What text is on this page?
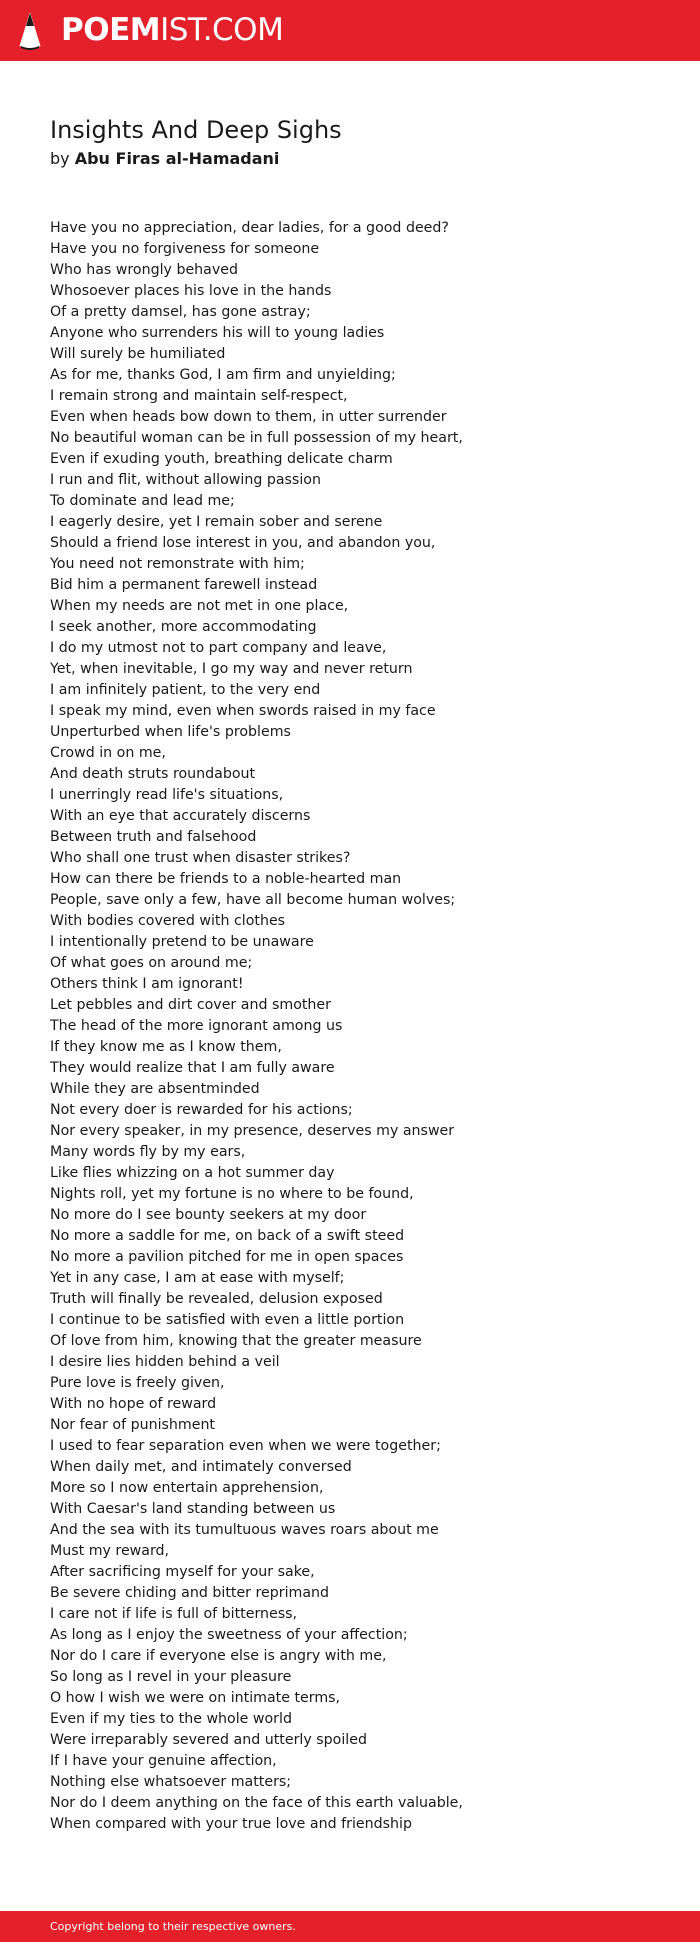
POEMIST.COM
Insights And Deep Sighs
by Abu Firas al-Hamadani
Have you no appreciation, dear ladies, for a good deed?
Have you no forgiveness for someone
Who has wrongly behaved
Whosoever places his love in the hands
Of a pretty damsel, has gone astray;
Anyone who surrenders his will to young ladies
Will surely be humiliated
As for me, thanks God, I am firm and unyielding;
I remain strong and maintain self-respect,
Even when heads bow down to them, in utter surrender
No beautiful woman can be in full possession of my heart,
Even if exuding youth, breathing delicate charm
I run and flit, without allowing passion
To dominate and lead me;
I eagerly desire, yet I remain sober and serene
Should a friend lose interest in you, and abandon you,
You need not remonstrate with him;
Bid him a permanent farewell instead
When my needs are not met in one place,
I seek another, more accommodating
I do my utmost not to part company and leave,
Yet, when inevitable, I go my way and never return
I am infinitely patient, to the very end
I speak my mind, even when swords raised in my face
Unperturbed when life's problems
Crowd in on me,
And death struts roundabout
I unerringly read life's situations,
With an eye that accurately discerns
Between truth and falsehood
Who shall one trust when disaster strikes?
How can there be friends to a noble-hearted man
People, save only a few, have all become human wolves;
With bodies covered with clothes
I intentionally pretend to be unaware
Of what goes on around me;
Others think I am ignorant!
Let pebbles and dirt cover and smother
The head of the more ignorant among us
If they know me as I know them,
They would realize that I am fully aware
While they are absentminded
Not every doer is rewarded for his actions;
Nor every speaker, in my presence, deserves my answer
Many words fly by my ears,
Like flies whizzing on a hot summer day
Nights roll, yet my fortune is no where to be found,
No more do I see bounty seekers at my door
No more a saddle for me, on back of a swift steed
No more a pavilion pitched for me in open spaces
Yet in any case, I am at ease with myself;
Truth will finally be revealed, delusion exposed
I continue to be satisfied with even a little portion
Of love from him, knowing that the greater measure
I desire lies hidden behind a veil
Pure love is freely given,
With no hope of reward
Nor fear of punishment
I used to fear separation even when we were together;
When daily met, and intimately conversed
More so I now entertain apprehension,
With Caesar's land standing between us
And the sea with its tumultuous waves roars about me
Must my reward,
After sacrificing myself for your sake,
Be severe chiding and bitter reprimand
I care not if life is full of bitterness,
As long as I enjoy the sweetness of your affection;
Nor do I care if everyone else is angry with me,
So long as I revel in your pleasure
O how I wish we were on intimate terms,
Even if my ties to the whole world
Were irreparably severed and utterly spoiled
If I have your genuine affection,
Nothing else whatsoever matters;
Nor do I deem anything on the face of this earth valuable,
When compared with your true love and friendship
Copyright belong to their respective owners.
